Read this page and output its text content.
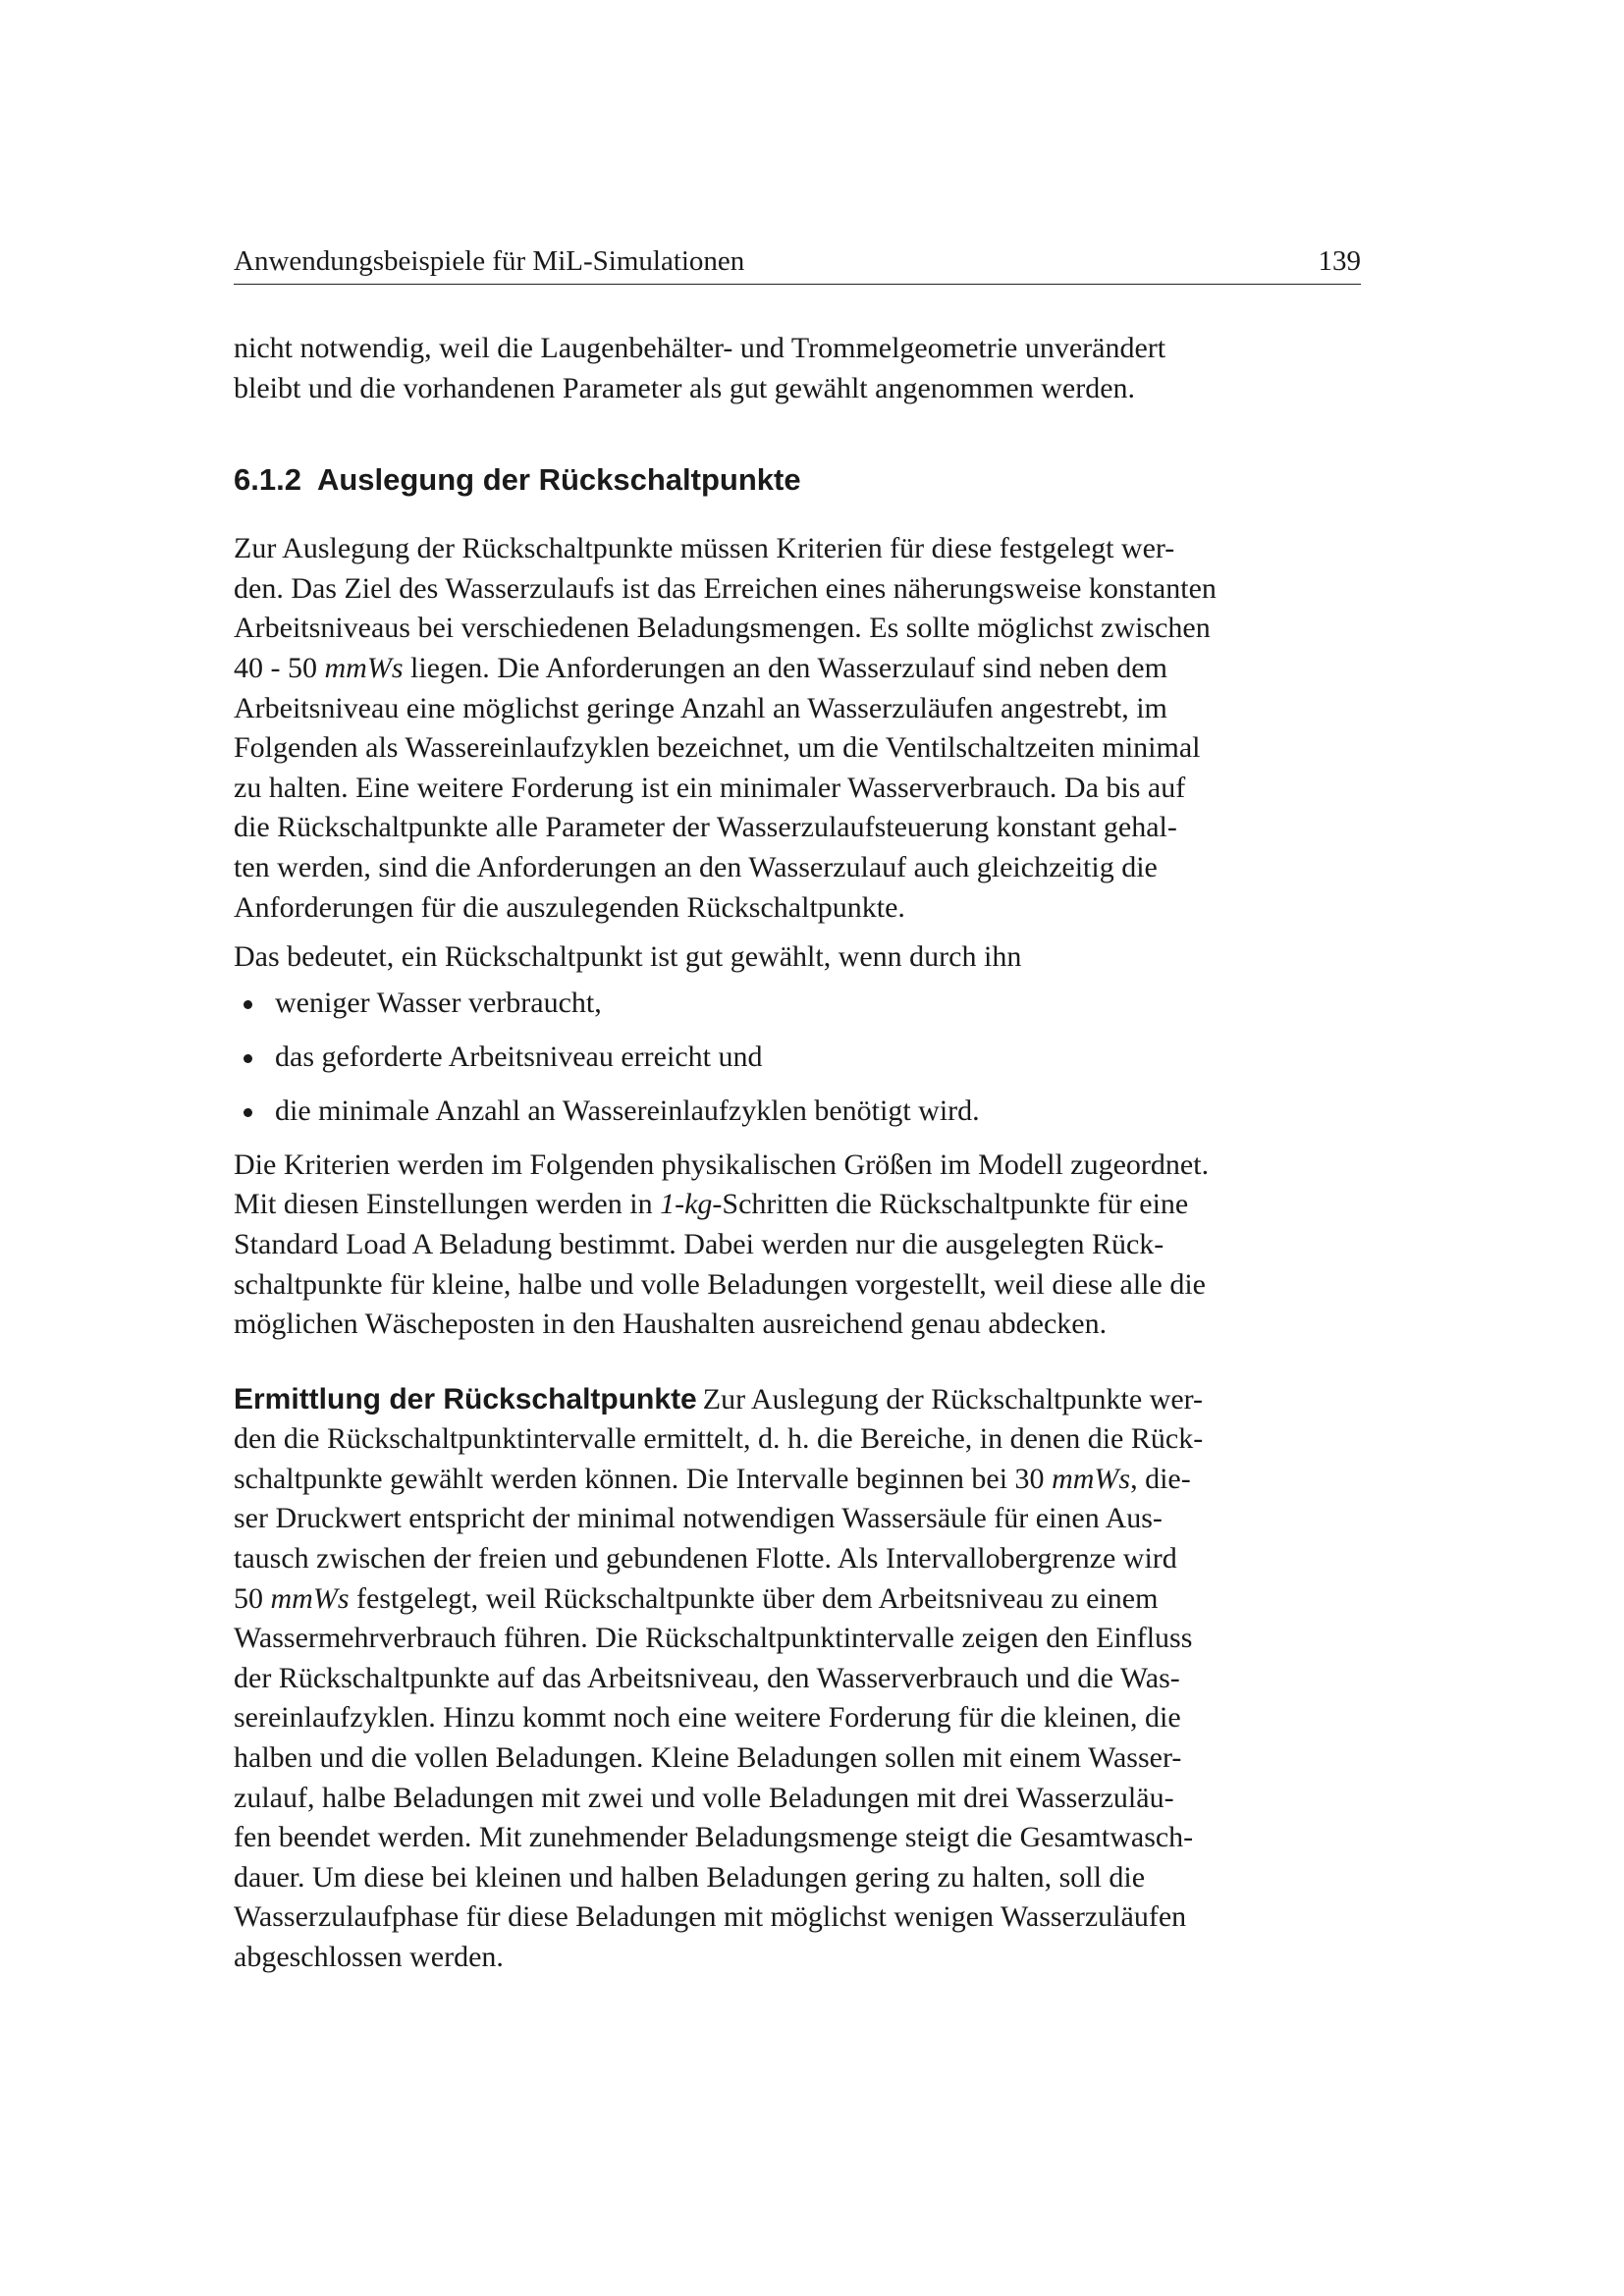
Anwendungsbeispiele für MiL-Simulationen	139
nicht notwendig, weil die Laugenbehälter- und Trommelgeometrie unverändert
bleibt und die vorhandenen Parameter als gut gewählt angenommen werden.
6.1.2 Auslegung der Rückschaltpunkte
Zur Auslegung der Rückschaltpunkte müssen Kriterien für diese festgelegt wer-
den. Das Ziel des Wasserzulaufs ist das Erreichen eines näherungsweise konstanten
Arbeitsniveaus bei verschiedenen Beladungsmengen. Es sollte möglichst zwischen
40 - 50 mmWs liegen. Die Anforderungen an den Wasserzulauf sind neben dem
Arbeitsniveau eine möglichst geringe Anzahl an Wasserzuläufen angestrebt, im
Folgenden als Wassereinlaufzyklen bezeichnet, um die Ventilschaltzeiten minimal
zu halten. Eine weitere Forderung ist ein minimaler Wasserverbrauch. Da bis auf
die Rückschaltpunkte alle Parameter der Wasserzulaufsteuerung konstant gehal-
ten werden, sind die Anforderungen an den Wasserzulauf auch gleichzeitig die
Anforderungen für die auszulegenden Rückschaltpunkte.
Das bedeutet, ein Rückschaltpunkt ist gut gewählt, wenn durch ihn
weniger Wasser verbraucht,
das geforderte Arbeitsniveau erreicht und
die minimale Anzahl an Wassereinlaufzyklen benötigt wird.
Die Kriterien werden im Folgenden physikalischen Größen im Modell zugeordnet.
Mit diesen Einstellungen werden in 1-kg-Schritten die Rückschaltpunkte für eine
Standard Load A Beladung bestimmt. Dabei werden nur die ausgelegten Rück-
schaltpunkte für kleine, halbe und volle Beladungen vorgestellt, weil diese alle die
möglichen Wäscheposten in den Haushalten ausreichend genau abdecken.
Ermittlung der Rückschaltpunkte Zur Auslegung der Rückschaltpunkte wer-
den die Rückschaltpunktintervalle ermittelt, d. h. die Bereiche, in denen die Rück-
schaltpunkte gewählt werden können. Die Intervalle beginnen bei 30 mmWs, die-
ser Druckwert entspricht der minimal notwendigen Wassersäule für einen Aus-
tausch zwischen der freien und gebundenen Flotte. Als Intervallobergrenze wird
50 mmWs festgelegt, weil Rückschaltpunkte über dem Arbeitsniveau zu einem
Wassermehrverbrauch führen. Die Rückschaltpunktintervalle zeigen den Einfluss
der Rückschaltpunkte auf das Arbeitsniveau, den Wasserverbrauch und die Was-
sereinlaufzyklen. Hinzu kommt noch eine weitere Forderung für die kleinen, die
halben und die vollen Beladungen. Kleine Beladungen sollen mit einem Wasser-
zulauf, halbe Beladungen mit zwei und volle Beladungen mit drei Wasserzuläu-
fen beendet werden. Mit zunehmender Beladungsmenge steigt die Gesamtwasch-
dauer. Um diese bei kleinen und halben Beladungen gering zu halten, soll die
Wasserzulaufphase für diese Beladungen mit möglichst wenigen Wasserzuläufen
abgeschlossen werden.
